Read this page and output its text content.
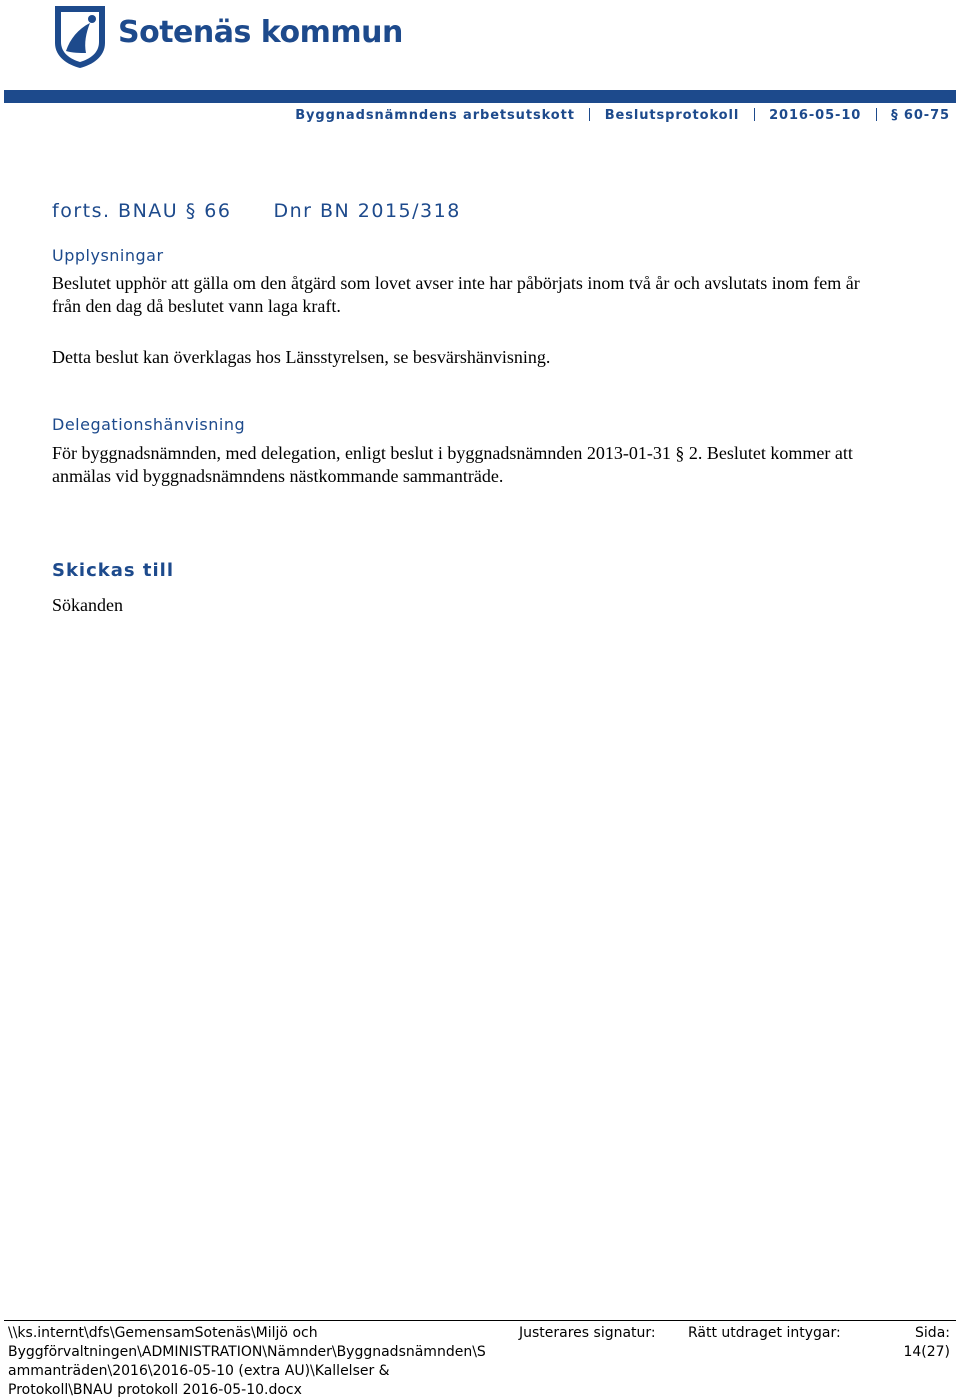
Sotenäs kommun
Byggnadsnämndens arbetsutskott Beslutsprotokoll 2016-05-10 § 60-75
forts. BNAU § 66 Dnr BN 2015/318
Upplysningar
Beslutet upphör att gälla om den åtgärd som lovet avser inte har påbörjats inom två år och avslutats inom fem år från den dag då beslutet vann laga kraft.
Detta beslut kan överklagas hos Länsstyrelsen, se besvärshänvisning.
Delegationshänvisning
För byggnadsnämnden, med delegation, enligt beslut i byggnadsnämnden 2013-01-31 § 2. Beslutet kommer att anmälas vid byggnadsnämndens nästkommande sammanträde.
Skickas till
Sökanden
\\ks.internt\dfs\GemensamSotenäs\Miljö och
Byggförvaltningen\ADMINISTRATION\Nämnder\Byggnadsnämnden\S
ammanträden\2016\2016-05-10 (extra AU)\Kallelser &
Protokoll\BNAU protokoll 2016-05-10.docx
Justerares signatur: Rätt utdraget intygar:	Sida:
14(27)
